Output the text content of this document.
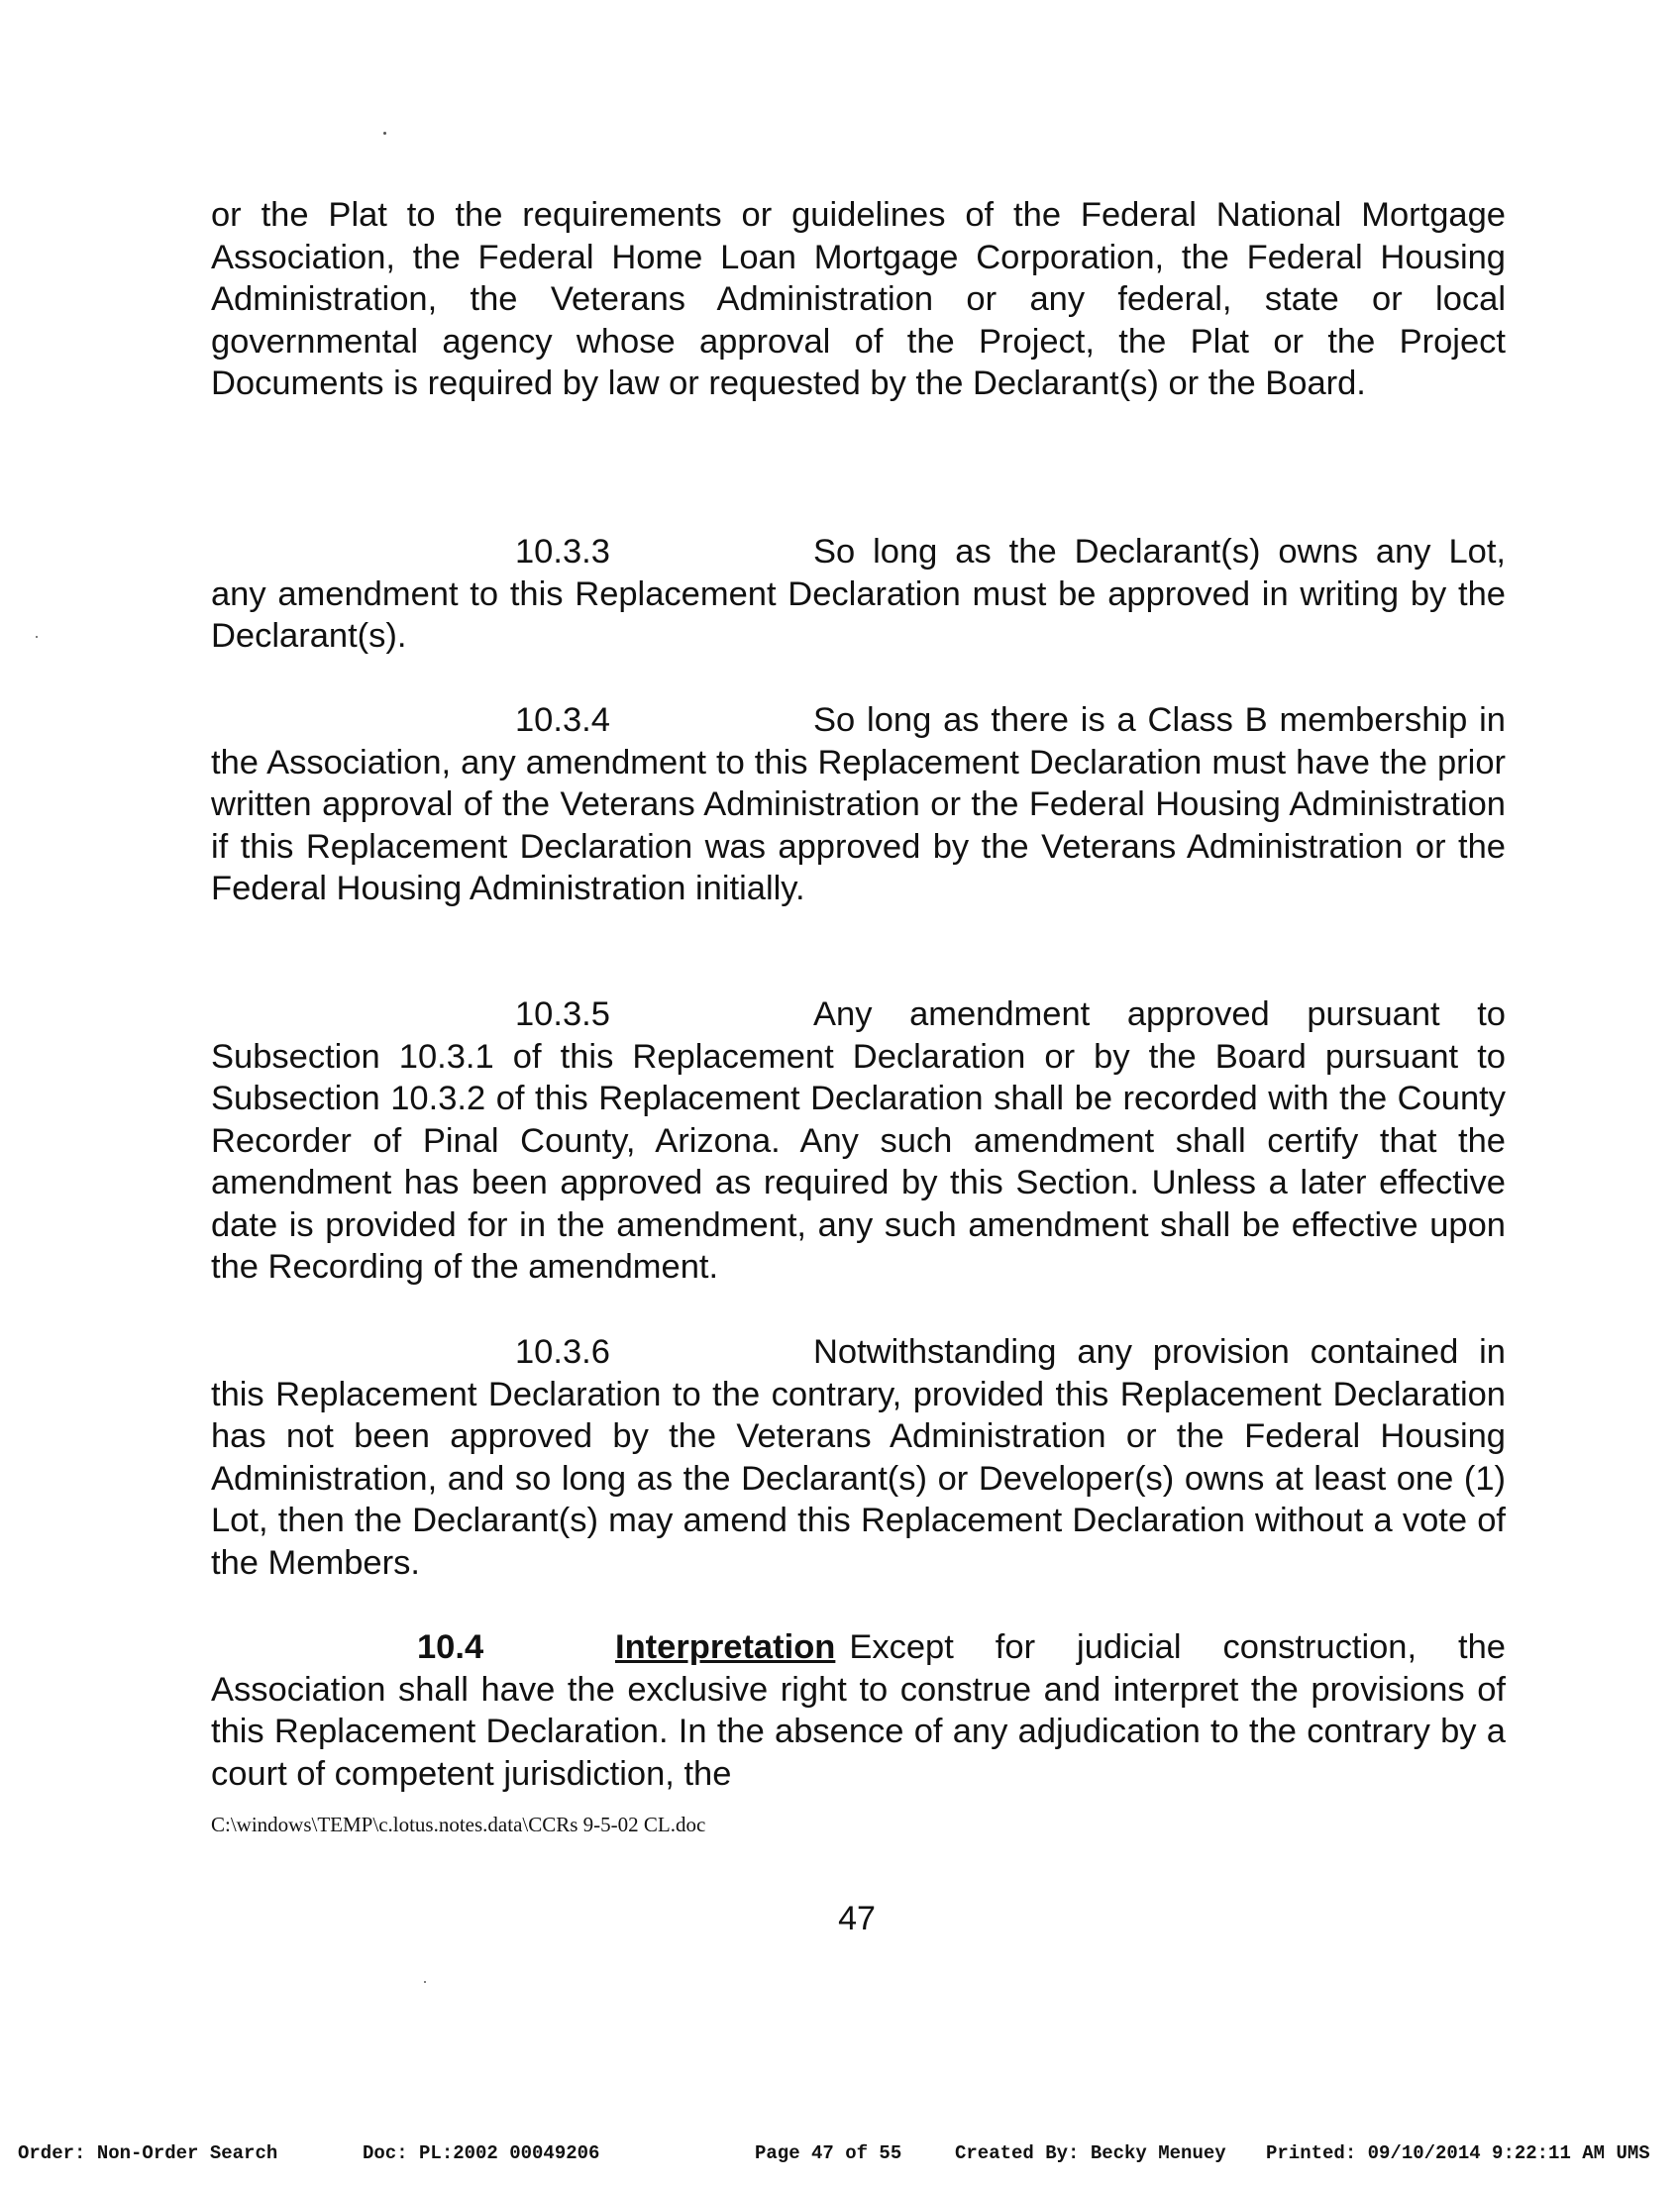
or the Plat to the requirements or guidelines of the Federal National Mortgage Association, the Federal Home Loan Mortgage Corporation, the Federal Housing Administration, the Veterans Administration or any federal, state or local governmental agency whose approval of the Project, the Plat or the Project Documents is required by law or requested by the Declarant(s) or the Board.

10.3.3	So long as the Declarant(s) owns any Lot, any amendment to this Replacement Declaration must be approved in writing by the Declarant(s).

10.3.4	So long as there is a Class B membership in the Association, any amendment to this Replacement Declaration must have the prior written approval of the Veterans Administration or the Federal Housing Administration if this Replacement Declaration was approved by the Veterans Administration or the Federal Housing Administration initially.

10.3.5	Any amendment approved pursuant to Subsection 10.3.1 of this Replacement Declaration or by the Board pursuant to Subsection 10.3.2 of this Replacement Declaration shall be recorded with the County Recorder of Pinal County, Arizona. Any such amendment shall certify that the amendment has been approved as required by this Section. Unless a later effective date is provided for in the amendment, any such amendment shall be effective upon the Recording of the amendment.

10.3.6	Notwithstanding any provision contained in this Replacement Declaration to the contrary, provided this Replacement Declaration has not been approved by the Veterans Administration or the Federal Housing Administration, and so long as the Declarant(s) or Developer(s) owns at least one (1) Lot, then the Declarant(s) may amend this Replacement Declaration without a vote of the Members.

10.4	Interpretation Except for judicial construction, the Association shall have the exclusive right to construe and interpret the provisions of this Replacement Declaration. In the absence of any adjudication to the contrary by a court of competent jurisdiction, the

C:\windows\TEMP\c.lotus.notes.data\CCRs 9-5-02 CL.doc
47
Order: Non-Order Search	Doc: PL:2002 00049206	Page 47 of 55	Created By: Becky Menuey Printed: 09/10/2014 9:22:11 AM UMS
